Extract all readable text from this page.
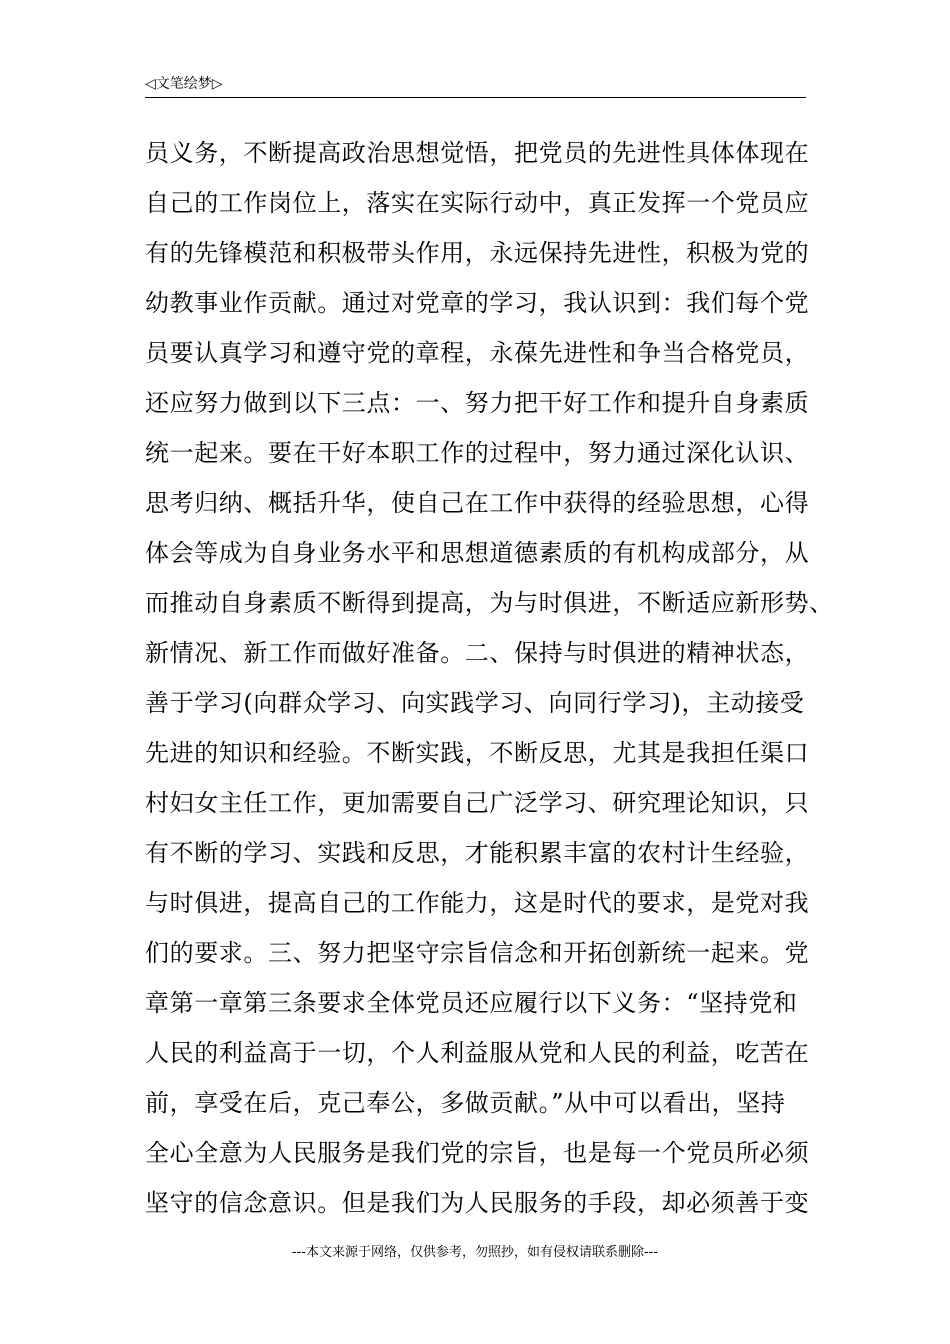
◁文笔绘梦▷
员义务，不断提高政治思想觉悟，把党员的先进性具体体现在
自己的工作岗位上，落实在实际行动中，真正发挥一个党员应
有的先锋模范和积极带头作用，永远保持先进性，积极为党的
幼教事业作贡献。通过对党章的学习，我认识到：我们每个党
员要认真学习和遵守党的章程，永葆先进性和争当合格党员，
还应努力做到以下三点：一、努力把干好工作和提升自身素质
统一起来。要在干好本职工作的过程中，努力通过深化认识、
思考归纳、概括升华，使自己在工作中获得的经验思想，心得
体会等成为自身业务水平和思想道德素质的有机构成部分，从
而推动自身素质不断得到提高，为与时俱进，不断适应新形势、
新情况、新工作而做好准备。二、保持与时俱进的精神状态，
善于学习(向群众学习、向实践学习、向同行学习)，主动接受
先进的知识和经验。不断实践，不断反思，尤其是我担任渠口
村妇女主任工作，更加需要自己广泛学习、研究理论知识，只
有不断的学习、实践和反思，才能积累丰富的农村计生经验，
与时俱进，提高自己的工作能力，这是时代的要求，是党对我
们的要求。三、努力把坚守宗旨信念和开拓创新统一起来。党
章第一章第三条要求全体党员还应履行以下义务：“坚持党和
人民的利益高于一切，个人利益服从党和人民的利益，吃苦在
前，享受在后，克己奉公，多做贡献。”从中可以看出，坚持
全心全意为人民服务是我们党的宗旨，也是每一个党员所必须
坚守的信念意识。但是我们为人民服务的手段，却必须善于变
---本文来源于网络，仅供参考，勿照抄，如有侵权请联系删除---
